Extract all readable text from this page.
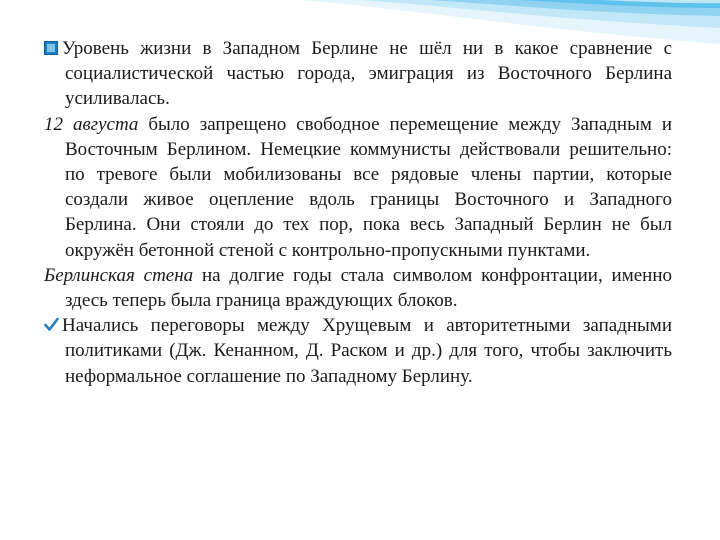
Уровень жизни в Западном Берлине не шёл ни в какое сравнение с социалистической частью города, эмиграция из Восточного Берлина усиливалась.

12 августа было запрещено свободное перемещение между Западным и Восточным Берлином. Немецкие коммунисты действовали решительно: по тревоге были мобилизованы все рядовые члены партии, которые создали живое оцепление вдоль границы Восточного и Западного Берлина. Они стояли до тех пор, пока весь Западный Берлин не был окружён бетонной стеной с контрольно-пропускными пунктами.

Берлинская стена на долгие годы стала символом конфронтации, именно здесь теперь была граница враждующих блоков.

Начались переговоры между Хрущевым и авторитетными западными политиками (Дж. Кенанном, Д. Раском и др.) для того, чтобы заключить неформальное соглашение по Западному Берлину.
